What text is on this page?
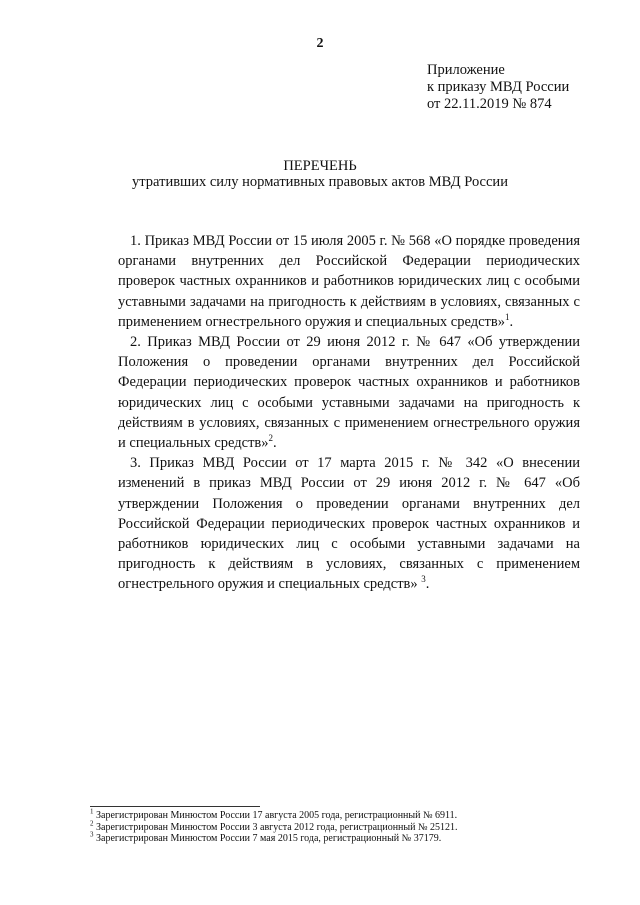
2
Приложение
к приказу МВД России
от 22.11.2019 № 874
ПЕРЕЧЕНЬ
утративших силу нормативных правовых актов МВД России

1. Приказ МВД России от 15 июля 2005 г. № 568 «О порядке проведения органами внутренних дел Российской Федерации периодических проверок частных охранников и работников юридических лиц с особыми уставными задачами на пригодность к действиям в условиях, связанных с применением огнестрельного оружия и специальных средств»$^1$.

2. Приказ МВД России от 29 июня 2012 г. № 647 «Об утверждении Положения о проведении органами внутренних дел Российской Федерации периодических проверок частных охранников и работников юридических лиц с особыми уставными задачами на пригодность к действиям в условиях, связанных с применением огнестрельного оружия и специальных средств»$^2$.

3. Приказ МВД России от 17 марта 2015 г. № 342 «О внесении изменений в приказ МВД России от 29 июня 2012 г. № 647 «Об утверждении Положения о проведении органами внутренних дел Российской Федерации периодических проверок частных охранников и работников юридических лиц с особыми уставными задачами на пригодность к действиям в условиях, связанных с применением огнестрельного оружия и специальных средств» $^3$.

$^1$ Зарегистрирован Минюстом России 17 августа 2005 года, регистрационный № 6911.
$^2$ Зарегистрирован Минюстом России 3 августа 2012 года, регистрационный № 25121.
$^3$ Зарегистрирован Минюстом России 7 мая 2015 года, регистрационный № 37179.
